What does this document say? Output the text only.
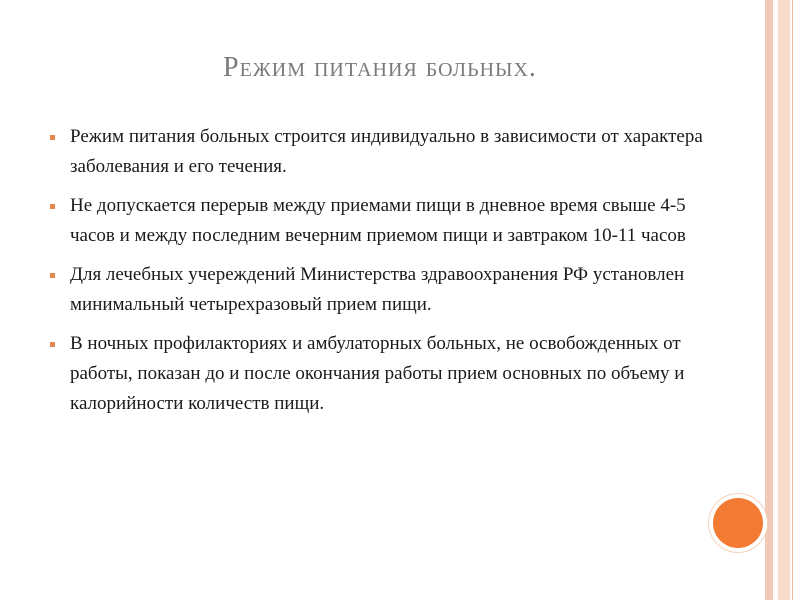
Режим питания больных.
Режим питания больных строится индивидуально в зависимости от характера заболевания и его течения.
Не допускается перерыв между приемами пищи в дневное время свыше 4-5 часов и между последним вечерним приемом пищи и завтраком 10-11 часов
Для лечебных учереждений Министерства здравоохранения РФ установлен минимальный четырехразовый прием пищи.
В ночных профилакториях и амбулаторных больных, не освобожденных от работы, показан до и после окончания работы прием основных по объему и калорийности количеств пищи.
